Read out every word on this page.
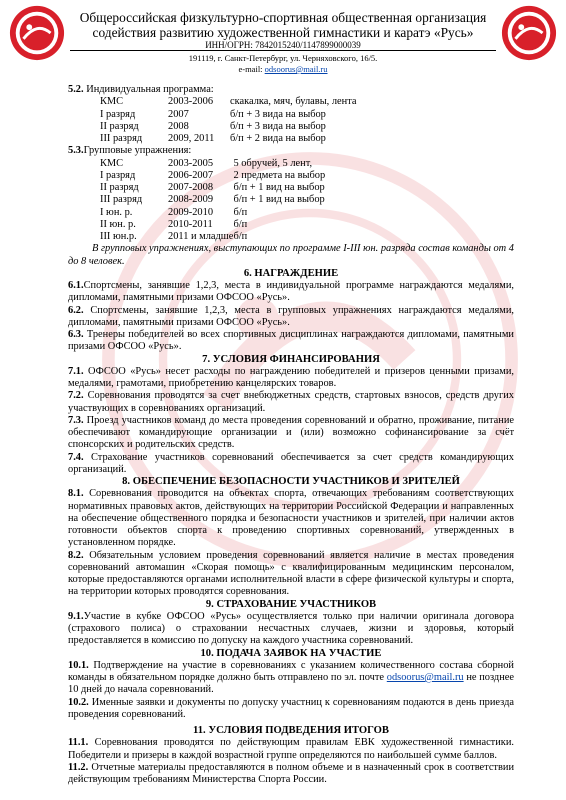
Общероссийская физкультурно-спортивная общественная организация
содействия развитию художественной гимнастики и каратэ «Русь»
ИНН/ОГРН: 7842015240/1147899000039
191119, г. Санкт-Петербург, ул. Черняховского, 16/5.
e-mail: odsoorus@mail.ru

5.2. Индивидуальная программа:

КМС	2003-2006	скакалка, мяч, булавы, лента
I разряд	2007	б/п + 3 вида на выбор
II разряд	2008	б/п + 3 вида на выбор
III разряд	2009, 2011	б/п + 2 вида на выбор

5.3.Групповые упражнения:

КМС	2003-2005	5 обручей, 5 лент,
I разряд	2006-2007	2 предмета на выбор
II разряд	2007-2008	б/п + 1 вид на выбор
III разряд	2008-2009	б/п + 1 вид на выбор
I юн. р.	2009-2010	б/п
II юн. р.	2010-2011	б/п
III юн.р.	2011 и младше	б/п

В групповых упражнениях, выступающих по программе I-III юн. разряда состав команды от 4 до 8 человек.

6. НАГРАЖДЕНИЕ

6.1.Спортсмены, занявшие 1,2,3, места в индивидуальной программе награждаются медалями, дипломами, памятными призами ОФСОО «Русь».

6.2. Спортсмены, занявшие 1,2,3, места в групповых упражнениях награждаются медалями, дипломами, памятными призами ОФСОО «Русь».

6.3. Тренеры победителей во всех спортивных дисциплинах награждаются дипломами, памятными призами ОФСОО «Русь».

7. УСЛОВИЯ ФИНАНСИРОВАНИЯ

7.1. ОФСОО «Русь» несет расходы по награждению победителей и призеров ценными призами, медалями, грамотами, приобретению канцелярских товаров.

7.2. Соревнования проводятся за счет внебюджетных средств, стартовых взносов, средств других участвующих в соревнованиях организаций.

7.3. Проезд участников команд до места проведения соревнований и обратно, проживание, питание обеспечивают командирующие организации и (или) возможно софинансирование за счёт спонсорских и родительских средств.

7.4. Страхование участников соревнований обеспечивается за счет средств командирующих организаций.

8. ОБЕСПЕЧЕНИЕ БЕЗОПАСНОСТИ УЧАСТНИКОВ И ЗРИТЕЛЕЙ

8.1. Соревнования проводится на объектах спорта, отвечающих требованиям соответствующих нормативных правовых актов, действующих на территории Российской Федерации и направленных на обеспечение общественного порядка и безопасности участников и зрителей, при наличии актов готовности объектов спорта к проведению спортивных соревнований, утвержденных в установленном порядке.

8.2. Обязательным условием проведения соревнований является наличие в местах проведения соревнований автомашин «Скорая помощь» с квалифицированным медицинским персоналом, которые предоставляются органами исполнительной власти в сфере физической культуры и спорта, на территории которых проводятся соревнования.

9. СТРАХОВАНИЕ УЧАСТНИКОВ

9.1.Участие в кубке ОФСОО «Русь» осуществляется только при наличии оригинала договора (страхового полиса) о страховании несчастных случаев, жизни и здоровья, который предоставляется в комиссию по допуску на каждого участника соревнований.

10. ПОДАЧА ЗАЯВОК НА УЧАСТИЕ

10.1. Подтверждение на участие в соревнованиях с указанием количественного состава сборной команды в обязательном порядке должно быть отправлено по эл. почте odsoorus@mail.ru не позднее 10 дней до начала соревнований.

10.2. Именные заявки и документы по допуску участниц к соревнованиям подаются в день приезда проведения соревнований.

11. УСЛОВИЯ ПОДВЕДЕНИЯ ИТОГОВ

11.1. Соревнования проводятся по действующим правилам ЕВК художественной гимнастики. Победители и призеры в каждой возрастной группе определяются по наибольшей сумме баллов.

11.2. Отчетные материалы предоставляются в полном объеме и в назначенный срок в соответствии действующим требованиям Министерства Спорта России.
